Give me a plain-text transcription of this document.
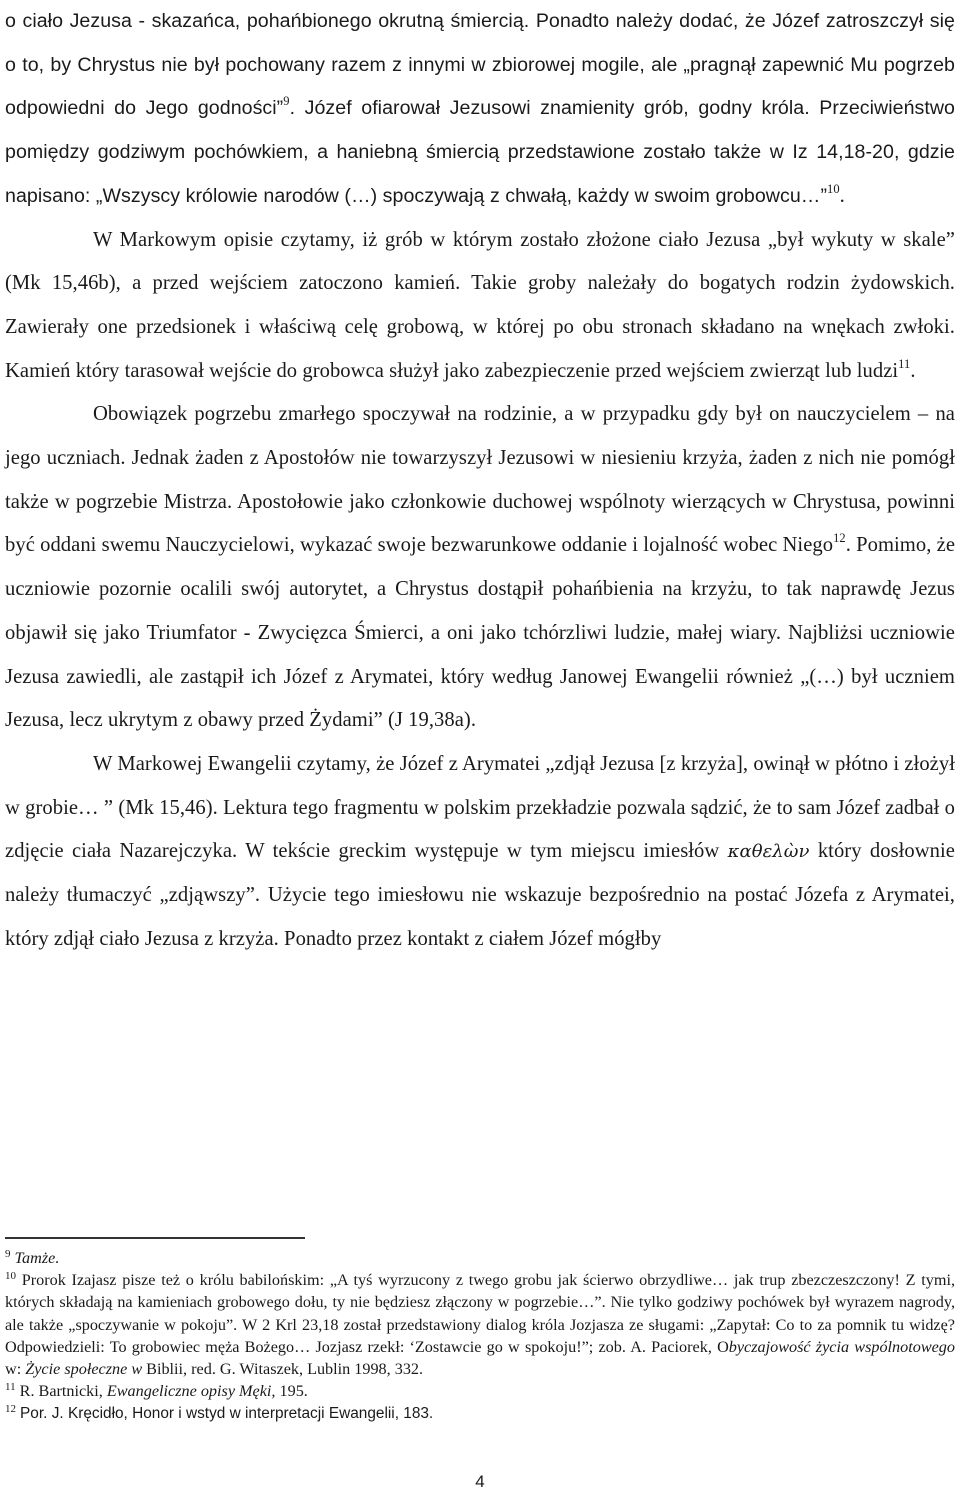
o ciało Jezusa - skazańca, pohańbionego okrutną śmiercią. Ponadto należy dodać, że Józef zatroszczył się o to, by Chrystus nie był pochowany razem z innymi w zbiorowej mogile, ale „pragnął zapewnić Mu pogrzeb odpowiedni do Jego godności”$^9$. Józef ofiarował Jezusowi znamienity grób, godny króla. Przeciwieństwo pomiędzy godziwym pochówkiem, a haniebną śmiercią przedstawione zostało także w Iz 14,18-20, gdzie napisano: „Wszyscy królowie narodów (…) spoczywają z chwałą, każdy w swoim grobowcu…”$^{10}$.

W Markowym opisie czytamy, iż grób w którym zostało złożone ciało Jezusa „był wykuty w skale” (Mk 15,46b), a przed wejściem zatoczono kamień. Takie groby należały do bogatych rodzin żydowskich. Zawierały one przedsionek i właściwą celę grobową, w której po obu stronach składano na wnękach zwłoki. Kamień który tarasował wejście do grobowca służył jako zabezpieczenie przed wejściem zwierząt lub ludzi$^{11}$.

Obowiązek pogrzebu zmarłego spoczywał na rodzinie, a w przypadku gdy był on nauczycielem – na jego uczniach. Jednak żaden z Apostołów nie towarzyszył Jezusowi w niesieniu krzyża, żaden z nich nie pomógł także w pogrzebie Mistrza. Apostołowie jako członkowie duchowej wspólnoty wierzących w Chrystusa, powinni być oddani swemu Nauczycielowi, wykazać swoje bezwarunkowe oddanie i lojalność wobec Niego$^{12}$. Pomimo, że uczniowie pozornie ocalili swój autorytet, a Chrystus dostąpił pohańbienia na krzyżu, to tak naprawdę Jezus objawił się jako Triumfator - Zwycięzca Śmierci, a oni jako tchórzliwi ludzie, małej wiary. Najbliżsi uczniowie Jezusa zawiedli, ale zastąpił ich Józef z Arymatei, który według Janowej Ewangelii również „(…) był uczniem Jezusa, lecz ukrytym z obawy przed Żydami” (J 19,38a).

W Markowej Ewangelii czytamy, że Józef z Arymatei „zdjął Jezusa [z krzyża], owinął w płótno i złożył w grobie… ” (Mk 15,46). Lektura tego fragmentu w polskim przekładzie pozwala sądzić, że to sam Józef zadbał o zdjęcie ciała Nazarejczyka. W tekście greckim występuje w tym miejscu imiesłów καθελὼν który dosłownie należy tłumaczyć „zdjąwszy”. Użycie tego imiesłowu nie wskazuje bezpośrednio na postać Józefa z Arymatei, który zdjął ciało Jezusa z krzyża. Ponadto przez kontakt z ciałem Józef mógłby

$^9$ Tamże.

$^{10}$ Prorok Izajasz pisze też o królu babilońskim: „A tyś wyrzucony z twego grobu jak ścierwo obrzydliwe… jak trup zbezczeszczony! Z tymi, których składają na kamieniach grobowego dołu, ty nie będziesz złączony w pogrzebie…”. Nie tylko godziwy pochówek był wyrazem nagrody, ale także „spoczywanie w pokoju”. W 2 Krl 23,18 został przedstawiony dialog króla Jozjasza ze sługami: „Zapytał: Co to za pomnik tu widzę? Odpowiedzieli: To grobowiec męża Bożego… Jozjasz rzekł: ‘Zostawcie go w spokoju!”; zob. A. Paciorek, Obyczajowość życia wspólnotowego w: Życie społeczne w Biblii, red. G. Witaszek, Lublin 1998, 332.

$^{11}$ R. Bartnicki, Ewangeliczne opisy Męki, 195.

$^{12}$ Por. J. Kręcidło, Honor i wstyd w interpretacji Ewangelii, 183.

4
